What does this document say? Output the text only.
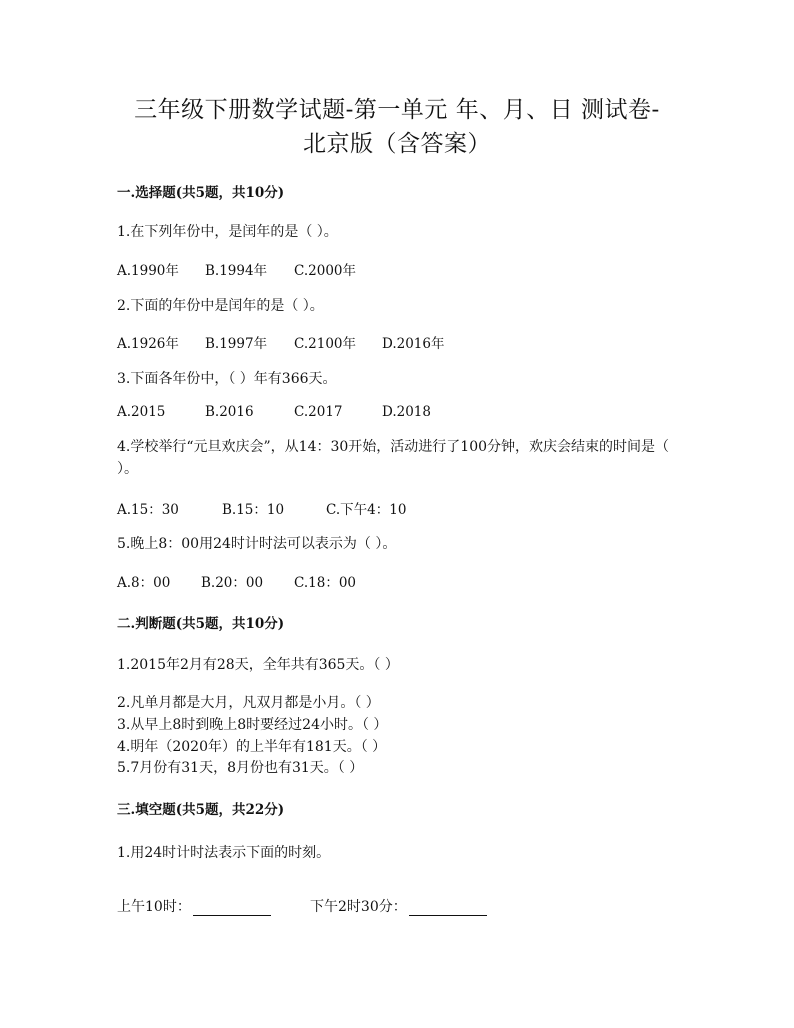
三年级下册数学试题-第一单元 年、月、日 测试卷-
北京版（含答案）
一.选择题(共5题，共10分)
1.在下列年份中，是闰年的是（ ）。
A.1990年 B.1994年 C.2000年
2.下面的年份中是闰年的是（ ）。
A.1926年 B.1997年 C.2100年 D.2016年
3.下面各年份中，（ ）年有366天。
A.2015	B.2016	C.2017	D.2018
4.学校举行“元旦欢庆会”，从14：30开始，活动进行了100分钟，欢庆会结束的时间是（ ）。
A.15：30	B.15：10	C.下午4：10
5.晚上8：00用24时计时法可以表示为（ ）。
A.8：00 B.20：00 C.18：00
二.判断题(共5题，共10分)
1.2015年2月有28天，全年共有365天。（ ）
2.凡单月都是大月，凡双月都是小月。（ ）
3.从早上8时到晚上8时要经过24小时。（ ）
4.明年（2020年）的上半年有181天。（ ）
5.7月份有31天，8月份也有31天。（ ）
三.填空题(共5题，共22分)
1.用24时计时法表示下面的时刻。
上午10时：	下午2时30分：
